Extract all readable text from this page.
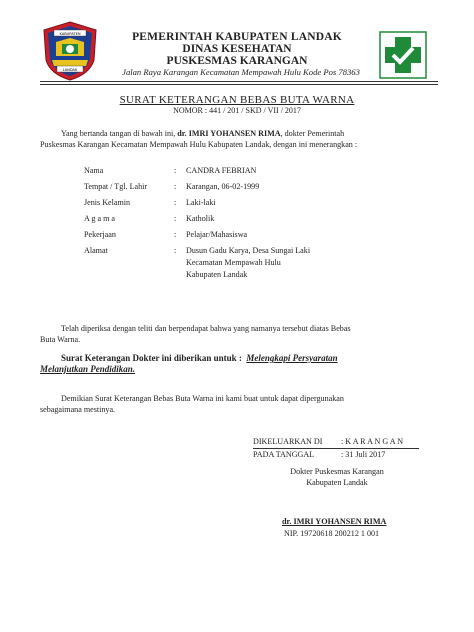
KABUPATEN
LANDAK
PEMERINTAH KABUPATEN LANDAK
DINAS KESEHATAN
PUSKESMAS KARANGAN
Jalan Raya Karangan Kecamatan Mempawah Hulu Kode Pos 78363
SURAT KETERANGAN BEBAS BUTA WARNA
NOMOR : 441 / 201 / SKD / VII / 2017
Yang bertanda tangan di bawah ini, dr. IMRI YOHANSEN RIMA, dokter Pemerintah
Puskesmas Karangan Kecamatan Mempawah Hulu Kabupaten Landak, dengan ini menerangkan :
Nama	: CANDRA FEBRIAN
Tempat / Tgl. Lahir	: Karangan, 06-02-1999
Jenis Kelamin	: Laki-laki
A g a m a	: Katholik
Pekerjaan	: Pelajar/Mahasiswa
Alamat	: Dusun Gadu Karya, Desa Sungai Laki
Kecamatan Mempawah Hulu
Kabupaten Landak
Telah diperiksa dengan teliti dan berpendapat bahwa yang namanya tersebut diatas Bebas
Buta Warna.
Surat Keterangan Dokter ini diberikan untuk : Melengkapi Persyaratan
Melanjutkan Pendidikan.
Demikian Surat Keterangan Bebas Buta Warna ini kami buat untuk dapat dipergunakan
sebagaimana mestinya.
DIKELUARKAN DI : K A R A N G A N
PADA TANGGAL	: 31 Juli 2017
Dokter Puskesmas Karangan
Kabupaten Landak
dr. IMRI YOHANSEN RIMA
NIP. 19720618 200212 1 001
